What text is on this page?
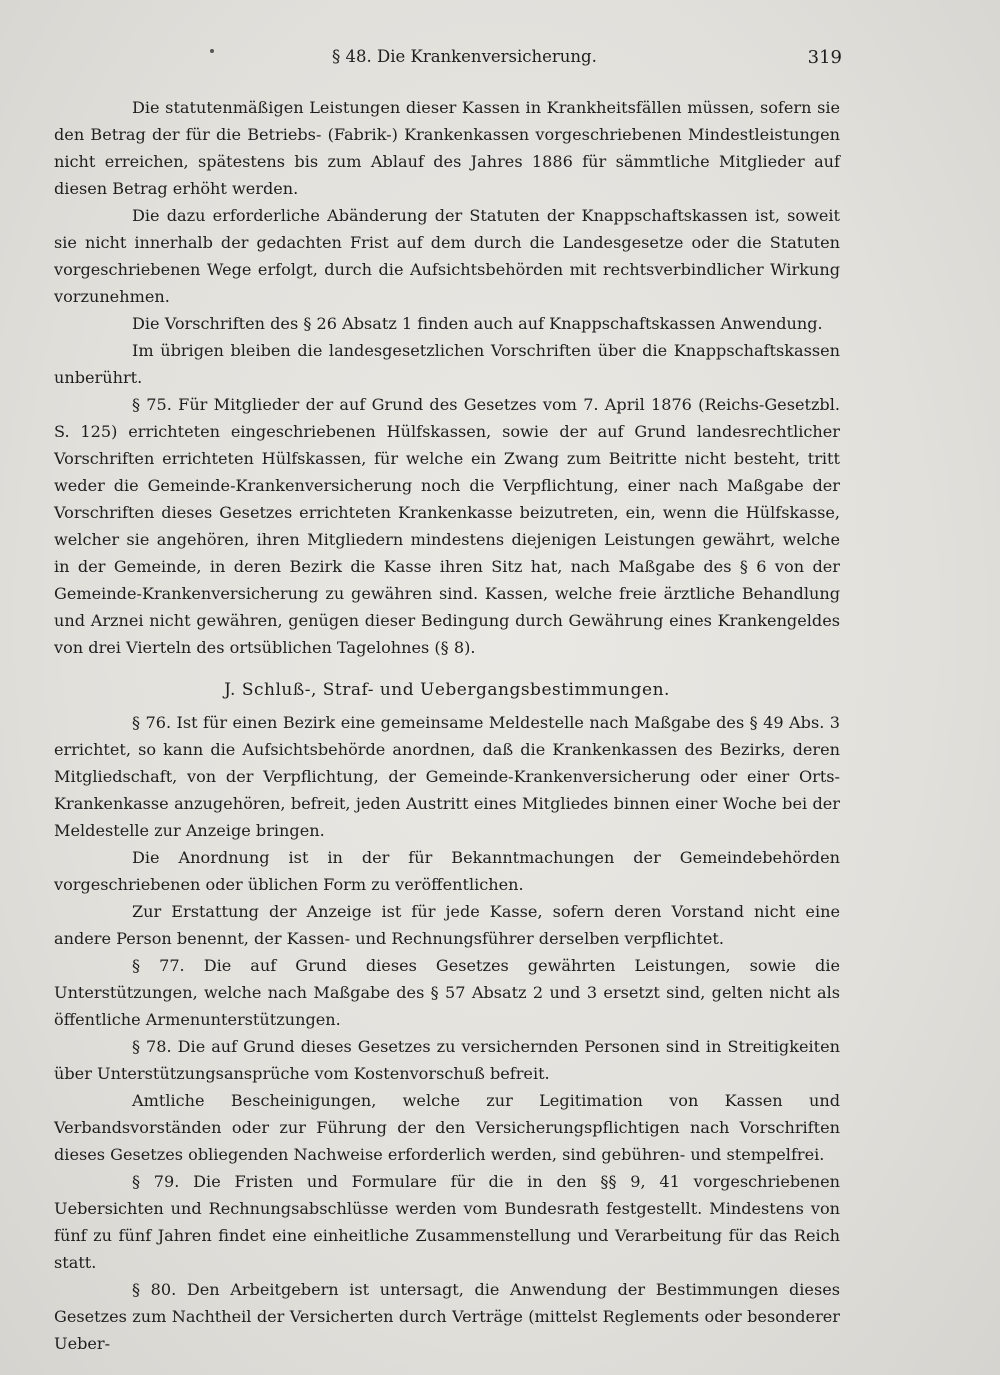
§ 48. Die Krankenversicherung.	319

Die statutenmäßigen Leistungen dieser Kassen in Krankheitsfällen müssen, sofern sie den Betrag der für die Betriebs- (Fabrik-) Krankenkassen vorgeschriebenen Mindestleistungen nicht erreichen, spätestens bis zum Ablauf des Jahres 1886 für sämmtliche Mitglieder auf diesen Betrag erhöht werden.

Die dazu erforderliche Abänderung der Statuten der Knappschaftskassen ist, soweit sie nicht innerhalb der gedachten Frist auf dem durch die Landesgesetze oder die Statuten vorgeschriebenen Wege erfolgt, durch die Aufsichtsbehörden mit rechtsverbindlicher Wirkung vorzunehmen.

Die Vorschriften des § 26 Absatz 1 finden auch auf Knappschaftskassen Anwendung.

Im übrigen bleiben die landesgesetzlichen Vorschriften über die Knappschaftskassen unberührt.

§ 75. Für Mitglieder der auf Grund des Gesetzes vom 7. April 1876 (Reichs-Gesetzbl. S. 125) errichteten eingeschriebenen Hülfskassen, sowie der auf Grund landesrechtlicher Vorschriften errichteten Hülfskassen, für welche ein Zwang zum Beitritte nicht besteht, tritt weder die Gemeinde-Krankenversicherung noch die Verpflichtung, einer nach Maßgabe der Vorschriften dieses Gesetzes errichteten Krankenkasse beizutreten, ein, wenn die Hülfskasse, welcher sie angehören, ihren Mitgliedern mindestens diejenigen Leistungen gewährt, welche in der Gemeinde, in deren Bezirk die Kasse ihren Sitz hat, nach Maßgabe des § 6 von der Gemeinde-Krankenversicherung zu gewähren sind. Kassen, welche freie ärztliche Behandlung und Arznei nicht gewähren, genügen dieser Bedingung durch Gewährung eines Krankengeldes von drei Vierteln des ortsüblichen Tagelohnes (§ 8).

J. Schluß-, Straf- und Uebergangsbestimmungen.

§ 76. Ist für einen Bezirk eine gemeinsame Meldestelle nach Maßgabe des § 49 Abs. 3 errichtet, so kann die Aufsichtsbehörde anordnen, daß die Krankenkassen des Bezirks, deren Mitgliedschaft, von der Verpflichtung, der Gemeinde-Krankenversicherung oder einer Orts-Krankenkasse anzugehören, befreit, jeden Austritt eines Mitgliedes binnen einer Woche bei der Meldestelle zur Anzeige bringen.

Die Anordnung ist in der für Bekanntmachungen der Gemeindebehörden vorgeschriebenen oder üblichen Form zu veröffentlichen.

Zur Erstattung der Anzeige ist für jede Kasse, sofern deren Vorstand nicht eine andere Person benennt, der Kassen- und Rechnungsführer derselben verpflichtet.

§ 77. Die auf Grund dieses Gesetzes gewährten Leistungen, sowie die Unterstützungen, welche nach Maßgabe des § 57 Absatz 2 und 3 ersetzt sind, gelten nicht als öffentliche Armenunterstützungen.

§ 78. Die auf Grund dieses Gesetzes zu versichernden Personen sind in Streitigkeiten über Unterstützungsansprüche vom Kostenvorschuß befreit.

Amtliche Bescheinigungen, welche zur Legitimation von Kassen und Verbandsvorständen oder zur Führung der den Versicherungspflichtigen nach Vorschriften dieses Gesetzes obliegenden Nachweise erforderlich werden, sind gebühren- und stempelfrei.

§ 79. Die Fristen und Formulare für die in den §§ 9, 41 vorgeschriebenen Uebersichten und Rechnungsabschlüsse werden vom Bundesrath festgestellt. Mindestens von fünf zu fünf Jahren findet eine einheitliche Zusammenstellung und Verarbeitung für das Reich statt.

§ 80. Den Arbeitgebern ist untersagt, die Anwendung der Bestimmungen dieses Gesetzes zum Nachtheil der Versicherten durch Verträge (mittelst Reglements oder besonderer Ueber-
